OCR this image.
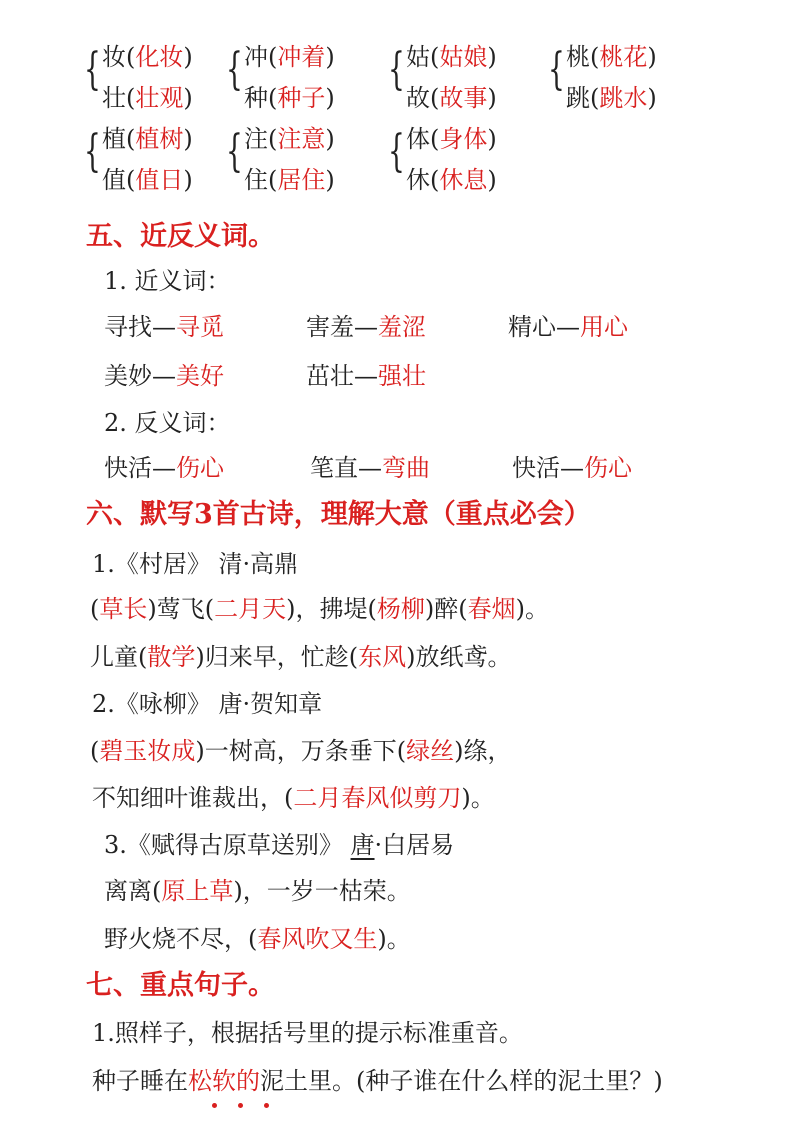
{ 妆(化妆)
壮(壮观)
{ 冲(冲着)
种(种子)
{ 姑(姑娘)
故(故事)
{ 桃(桃花)
跳(跳水)
{ 植(植树)
值(值日)
{ 注(注意)
住(居住)
{ 体(身体)
休(休息)
五、近反义词。
1. 近义词：
寻找—寻觅	害羞—羞涩	精心—用心
美妙—美好	茁壮—强壮
2. 反义词：
快活—伤心	笔直—弯曲	快活—伤心
六、默写3首古诗，理解大意（重点必会）
1.《村居》 清·高鼎
(草长)莺飞(二月天)，拂堤(杨柳)醉(春烟)。
儿童(散学)归来早，忙趁(东风)放纸鸢。
2.《咏柳》 唐·贺知章
(碧玉妆成)一树高，万条垂下(绿丝)绦，
不知细叶谁裁出，(二月春风似剪刀)。
3.《赋得古原草送别》 唐·白居易
离离(原上草)，一岁一枯荣。
野火烧不尽，(春风吹又生)。
七、重点句子。
1.照样子，根据括号里的提示标准重音。
种子睡在松软的泥土里。(种子谁在什么样的泥土里？)
